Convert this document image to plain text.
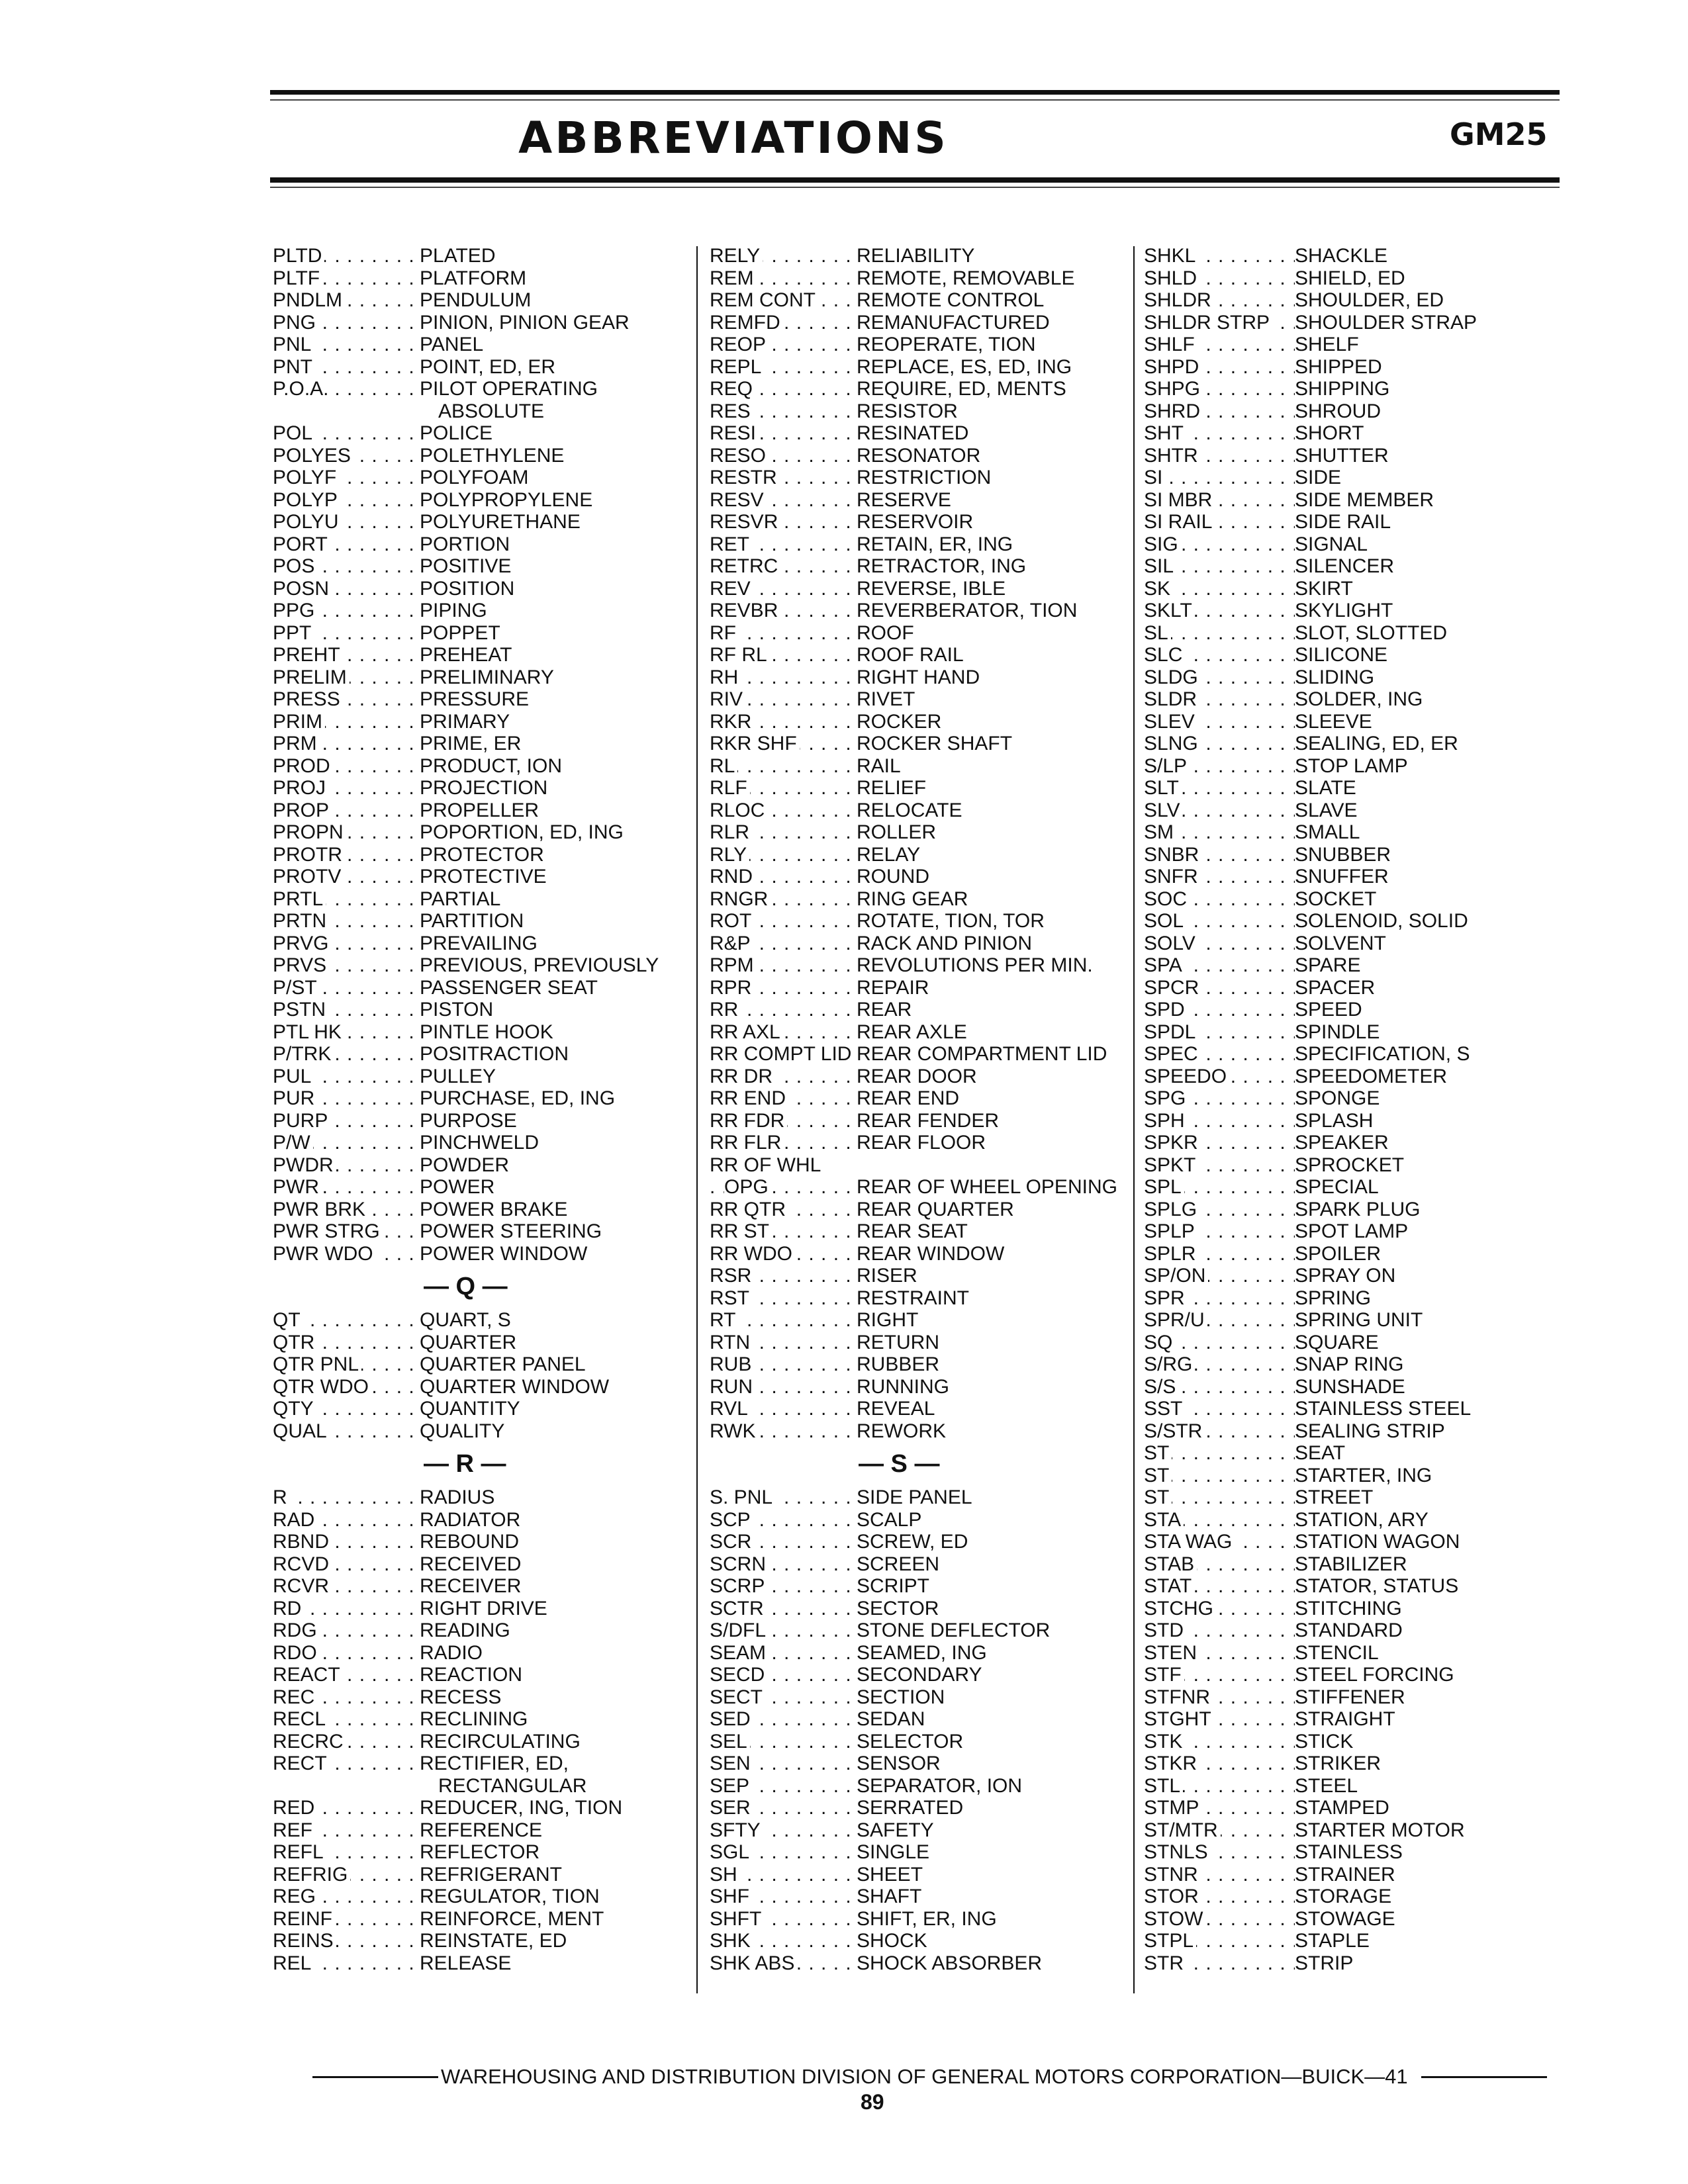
ABBREVIATIONS	GM25
PLTD . . .	PLATED
PLTF . . .	PLATFORM
PNDLM . . .	PENDULUM
PNG . . .	PINION, PINION GEAR
PNL . . .	PANEL
PNT . . .	POINT, ED, ER
P.O.A. . . .	PILOT OPERATING
ABSOLUTE
POL . . .	POLICE
POLYES . . .	POLETHYLENE
POLYF . . .	POLYFOAM
POLYP . . .	POLYPROPYLENE
POLYU . . .	POLYURETHANE
PORT . . .	PORTION
POS . . .	POSITIVE
POSN . . .	POSITION
PPG . . .	PIPING
PPT . . .	POPPET
PREHT . . .	PREHEAT
PRELIM . . .	PRELIMINARY
PRESS . . .	PRESSURE
PRIM . . .	PRIMARY
PRM . . .	PRIME, ER
PROD . . .	PRODUCT, ION
PROJ . . .	PROJECTION
PROP . . .	PROPELLER
PROPN . . .	POPORTION, ED, ING
PROTR . . .	PROTECTOR
PROTV . . .	PROTECTIVE
PRTL . . .	PARTIAL
PRTN . . .	PARTITION
PRVG . . .	PREVAILING
PRVS . . .	PREVIOUS, PREVIOUSLY
P/ST . . .	PASSENGER SEAT
PSTN . . .	PISTON
PTL HK . . .	PINTLE HOOK
P/TRK . . .	POSITRACTION
PUL . . .	PULLEY
PUR . . .	PURCHASE, ED, ING
PURP . . .	PURPOSE
P/W . . .	PINCHWELD
PWDR . . .	POWDER
PWR . . .	POWER
PWR BRK . . .	POWER BRAKE
PWR STRG . . .	POWER STEERING
PWR WDO . . .	POWER WINDOW
— Q —
QT . . .	QUART, S
QTR . . .	QUARTER
QTR PNL . . .	QUARTER PANEL
QTR WDO . . .	QUARTER WINDOW
QTY . . .	QUANTITY
QUAL . . .	QUALITY
— R —
R . . .	RADIUS
RAD . . .	RADIATOR
RBND . . .	REBOUND
RCVD . . .	RECEIVED
RCVR . . .	RECEIVER
RD . . .	RIGHT DRIVE
RDG . . .	READING
RDO . . .	RADIO
REACT . . .	REACTION
REC . . .	RECESS
RECL . . .	RECLINING
RECRC . . .	RECIRCULATING
RECT . . .	RECTIFIER, ED,
RECTANGULAR
RED . . .	REDUCER, ING, TION
REF . . .	REFERENCE
REFL . . .	REFLECTOR
REFRIG . . .	REFRIGERANT
REG . . .	REGULATOR, TION
REINF . . .	REINFORCE, MENT
REINS . . .	REINSTATE, ED
REL . . .	RELEASE
RELY . . .	RELIABILITY
REM . . .	REMOTE, REMOVABLE
REM CONT . . .	REMOTE CONTROL
REMFD . . .	REMANUFACTURED
REOP . . .	REOPERATE, TION
REPL . . .	REPLACE, ES, ED, ING
REQ . . .	REQUIRE, ED, MENTS
RES . . .	RESISTOR
RESI . . .	RESINATED
RESO . . .	RESONATOR
RESTR . . .	RESTRICTION
RESV . . .	RESERVE
RESVR . . .	RESERVOIR
RET . . .	RETAIN, ER, ING
RETRC . . .	RETRACTOR, ING
REV . . .	REVERSE, IBLE
REVBR . . .	REVERBERATOR, TION
RF . . .	ROOF
RF RL . . .	ROOF RAIL
RH . . .	RIGHT HAND
RIV . . .	RIVET
RKR . . .	ROCKER
RKR SHF . . .	ROCKER SHAFT
RL . . .	RAIL
RLF . . .	RELIEF
RLOC . . .	RELOCATE
RLR . . .	ROLLER
RLY . . .	RELAY
RND . . .	ROUND
RNGR . . .	RING GEAR
ROT . . .	ROTATE, TION, TOR
R&P . . .	RACK AND PINION
RPM . . .	REVOLUTIONS PER MIN.
RPR . . .	REPAIR
RR . . .	REAR
RR AXL . . .	REAR AXLE
RR COMPT LID REAR COMPARTMENT LID
RR DR . . .	REAR DOOR
RR END . . .	REAR END
RR FDR . . .	REAR FENDER
RR FLR . . .	REAR FLOOR
RR OF WHL
OPG . . .	REAR OF WHEEL OPENING
RR QTR . . .	REAR QUARTER
RR ST . . .	REAR SEAT
RR WDO . . .	REAR WINDOW
RSR . . .	RISER
RST . . .	RESTRAINT
RT . . .	RIGHT
RTN . . .	RETURN
RUB . . .	RUBBER
RUN . . .	RUNNING
RVL . . .	REVEAL
RWK . . .	REWORK
— S —
S. PNL . . .	SIDE PANEL
SCP . . .	SCALP
SCR . . .	SCREW, ED
SCRN . . .	SCREEN
SCRP . . .	SCRIPT
SCTR . . .	SECTOR
S/DFL . . .	STONE DEFLECTOR
SEAM . . .	SEAMED, ING
SECD . . .	SECONDARY
SECT . . .	SECTION
SED . . .	SEDAN
SEL . . .	SELECTOR
SEN . . .	SENSOR
SEP . . .	SEPARATOR, ION
SER . . .	SERRATED
SFTY . . .	SAFETY
SGL . . .	SINGLE
SH . . .	SHEET
SHF . . .	SHAFT
SHFT . . .	SHIFT, ER, ING
SHK . . .	SHOCK
SHK ABS . . .	SHOCK ABSORBER
SHKL . . .	SHACKLE
SHLD . . .	SHIELD, ED
SHLDR . . .	SHOULDER, ED
SHLDR STRP . . .	SHOULDER STRAP
SHLF . . .	SHELF
SHPD . . .	SHIPPED
SHPG . . .	SHIPPING
SHRD . . .	SHROUD
SHT . . .	SHORT
SHTR . . .	SHUTTER
SI . . .	SIDE
SI MBR . . .	SIDE MEMBER
SI RAIL . . .	SIDE RAIL
SIG . . .	SIGNAL
SIL . . .	SILENCER
SK . . .	SKIRT
SKLT . . .	SKYLIGHT
SL . . .	SLOT, SLOTTED
SLC . . .	SILICONE
SLDG . . .	SLIDING
SLDR . . .	SOLDER, ING
SLEV . . .	SLEEVE
SLNG . . .	SEALING, ED, ER
S/LP . . .	STOP LAMP
SLT . . .	SLATE
SLV . . .	SLAVE
SM . . .	SMALL
SNBR . . .	SNUBBER
SNFR . . .	SNUFFER
SOC . . .	SOCKET
SOL . . .	SOLENOID, SOLID
SOLV . . .	SOLVENT
SPA . . .	SPARE
SPCR . . .	SPACER
SPD . . .	SPEED
SPDL . . .	SPINDLE
SPEC . . .	SPECIFICATION, S
SPEEDO . . .	SPEEDOMETER
SPG . . .	SPONGE
SPH . . .	SPLASH
SPKR . . .	SPEAKER
SPKT . . .	SPROCKET
SPL . . .	SPECIAL
SPLG . . .	SPARK PLUG
SPLP . . .	SPOT LAMP
SPLR . . .	SPOILER
SP/ON . . .	SPRAY ON
SPR . . .	SPRING
SPR/U . . .	SPRING UNIT
SQ . . .	SQUARE
S/RG . . .	SNAP RING
S/S . . .	SUNSHADE
SST . . .	STAINLESS STEEL
S/STR . . .	SEALING STRIP
ST . . .	SEAT
ST . . .	STARTER, ING
ST . . .	STREET
STA . . .	STATION, ARY
STA WAG . . .	STATION WAGON
STAB . . .	STABILIZER
STAT . . .	STATOR, STATUS
STCHG . . .	STITCHING
STD . . .	STANDARD
STEN . . .	STENCIL
STF . . .	STEEL FORCING
STFNR . . .	STIFFENER
STGHT . . .	STRAIGHT
STK . . .	STICK
STKR . . .	STRIKER
STL . . .	STEEL
STMP . . .	STAMPED
ST/MTR . . .	STARTER MOTOR
STNLS . . .	STAINLESS
STNR . . .	STRAINER
STOR . . .	STORAGE
STOW . . .	STOWAGE
STPL . . .	STAPLE
STR . . .	STRIP
WAREHOUSING AND DISTRIBUTION DIVISION OF GENERAL MOTORS CORPORATION—BUICK—41
89
